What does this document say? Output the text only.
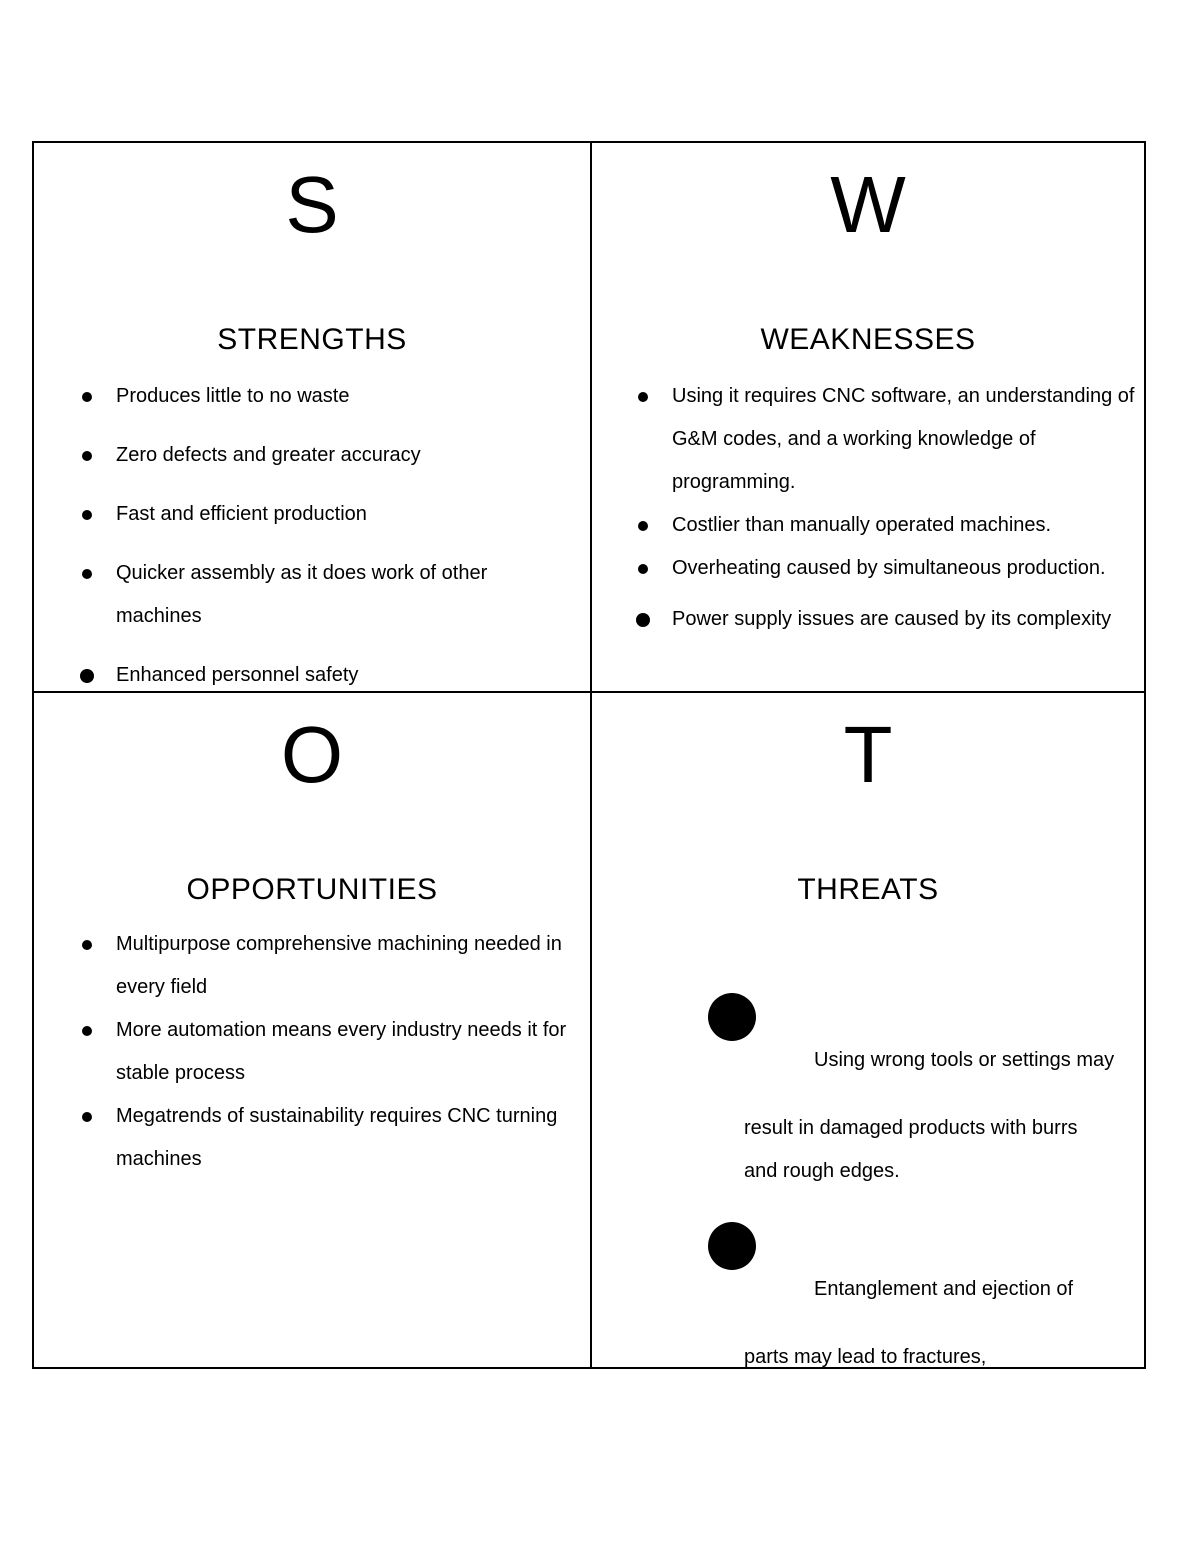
S
STRENGTHS
Produces little to no waste
Zero defects and greater accuracy
Fast and efficient production
Quicker assembly as it does work of other machines
Enhanced personnel safety
W
WEAKNESSES
Using it requires CNC software, an understanding of G&M codes, and a working knowledge of programming.
Costlier than manually operated machines.
Overheating caused by simultaneous production.
Power supply issues are caused by its complexity
O
OPPORTUNITIES
Multipurpose comprehensive machining needed in every field
More automation means every industry needs it for stable process
Megatrends of sustainability requires CNC turning machines
T
THREATS
Using wrong tools or settings may
result in damaged products with burrs
and rough edges.
Entanglement and ejection of
parts may lead to fractures,
